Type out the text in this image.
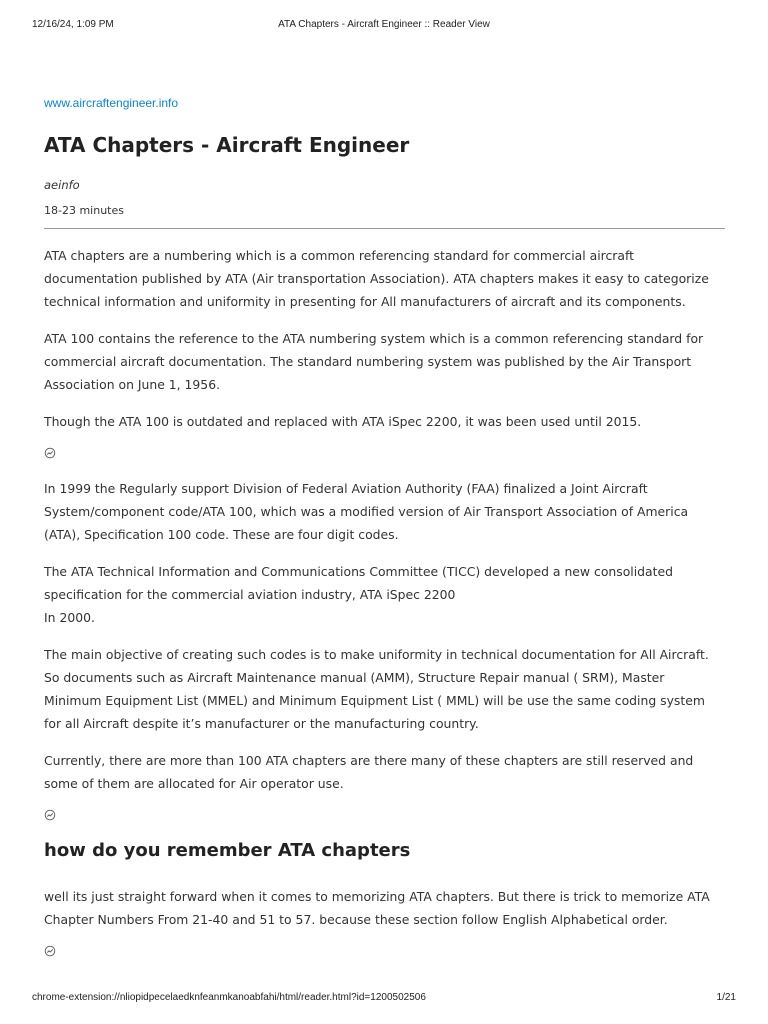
12/16/24, 1:09 PM	ATA Chapters - Aircraft Engineer :: Reader View
www.aircraftengineer.info
ATA Chapters - Aircraft Engineer
aeinfo
18-23 minutes

ATA chapters are a numbering which is a common referencing standard for commercial aircraft documentation published by ATA (Air transportation Association). ATA chapters makes it easy to categorize technical information and uniformity in presenting for All manufacturers of aircraft and its components.

ATA 100 contains the reference to the ATA numbering system which is a common referencing standard for commercial aircraft documentation. The standard numbering system was published by the Air Transport Association on June 1, 1956.

Though the ATA 100 is outdated and replaced with ATA iSpec 2200, it was been used until 2015.

In 1999 the Regularly support Division of Federal Aviation Authority (FAA) finalized a Joint Aircraft System/component code/ATA 100, which was a modified version of Air Transport Association of America (ATA), Specification 100 code. These are four digit codes.

The ATA Technical Information and Communications Committee (TICC) developed a new consolidated specification for the commercial aviation industry, ATA iSpec 2200

In 2000.

The main objective of creating such codes is to make uniformity in technical documentation for All Aircraft. So documents such as Aircraft Maintenance manual (AMM), Structure Repair manual ( SRM), Master Minimum Equipment List (MMEL) and Minimum Equipment List ( MML) will be use the same coding system for all Aircraft despite it’s manufacturer or the manufacturing country.

Currently, there are more than 100 ATA chapters are there many of these chapters are still reserved and some of them are allocated for Air operator use.

how do you remember ATA chapters

well its just straight forward when it comes to memorizing ATA chapters. But there is trick to memorize ATA Chapter Numbers From 21-40 and 51 to 57. because these section follow English Alphabetical order.

chrome-extension://nliopidpecelaedknfeanmkanoabfahi/html/reader.html?id=1200502506	1/21
